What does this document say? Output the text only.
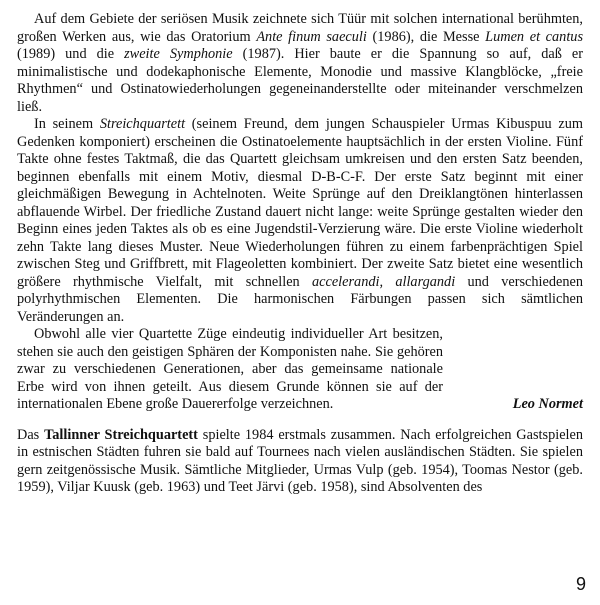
Auf dem Gebiete der seriösen Musik zeichnete sich Tüür mit solchen international berühmten, großen Werken aus, wie das Oratorium Ante finum saeculi (1986), die Messe Lumen et cantus (1989) und die zweite Symphonie (1987). Hier baute er die Spannung so auf, daß er minimalistische und dodekaphonische Elemente, Monodie und massive Klangblöcke, „freie Rhythmen“ und Ostinatowiederholungen gegeneinanderstellte oder miteinander verschmelzen ließ.

In seinem Streichquartett (seinem Freund, dem jungen Schauspieler Urmas Kibuspuu zum Gedenken komponiert) erscheinen die Ostinatoelemente hauptsächlich in der ersten Violine. Fünf Takte ohne festes Taktmaß, die das Quartett gleichsam umkreisen und den ersten Satz beenden, beginnen ebenfalls mit einem Motiv, diesmal D-B-C-F. Der erste Satz beginnt mit einer gleichmäßigen Bewegung in Achtelnoten. Weite Sprünge auf den Dreiklangtönen hinterlassen abflauende Wirbel. Der friedliche Zustand dauert nicht lange: weite Sprünge gestalten wieder den Beginn eines jeden Taktes als ob es eine Jugendstil-Verzierung wäre. Die erste Violine wiederholt zehn Takte lang dieses Muster. Neue Wiederholungen führen zu einem farbenprächtigen Spiel zwischen Steg und Griffbrett, mit Flageoletten kombiniert. Der zweite Satz bietet eine wesentlich größere rhythmische Vielfalt, mit schnellen accelerandi, allargandi und verschiedenen polyrhythmischen Elementen. Die harmonischen Färbungen passen sich sämtlichen Veränderungen an.

Obwohl alle vier Quartette Züge eindeutig individueller Art besitzen, stehen sie auch den geistigen Sphären der Komponisten nahe. Sie gehören zwar zu verschiedenen Generationen, aber das gemeinsame nationale Erbe wird von ihnen geteilt. Aus diesem Grunde können sie auf der internationalen Ebene große Dauererfolge verzeichnen.	Leo Normet

Das Tallinner Streichquartett spielte 1984 erstmals zusammen. Nach erfolgreichen Gastspielen in estnischen Städten fuhren sie bald auf Tournees nach vielen ausländischen Städten. Sie spielen gern zeitgenössische Musik. Sämtliche Mitglieder, Urmas Vulp (geb. 1954), Toomas Nestor (geb. 1959), Viljar Kuusk (geb. 1963) und Teet Järvi (geb. 1958), sind Absolventen des

9
